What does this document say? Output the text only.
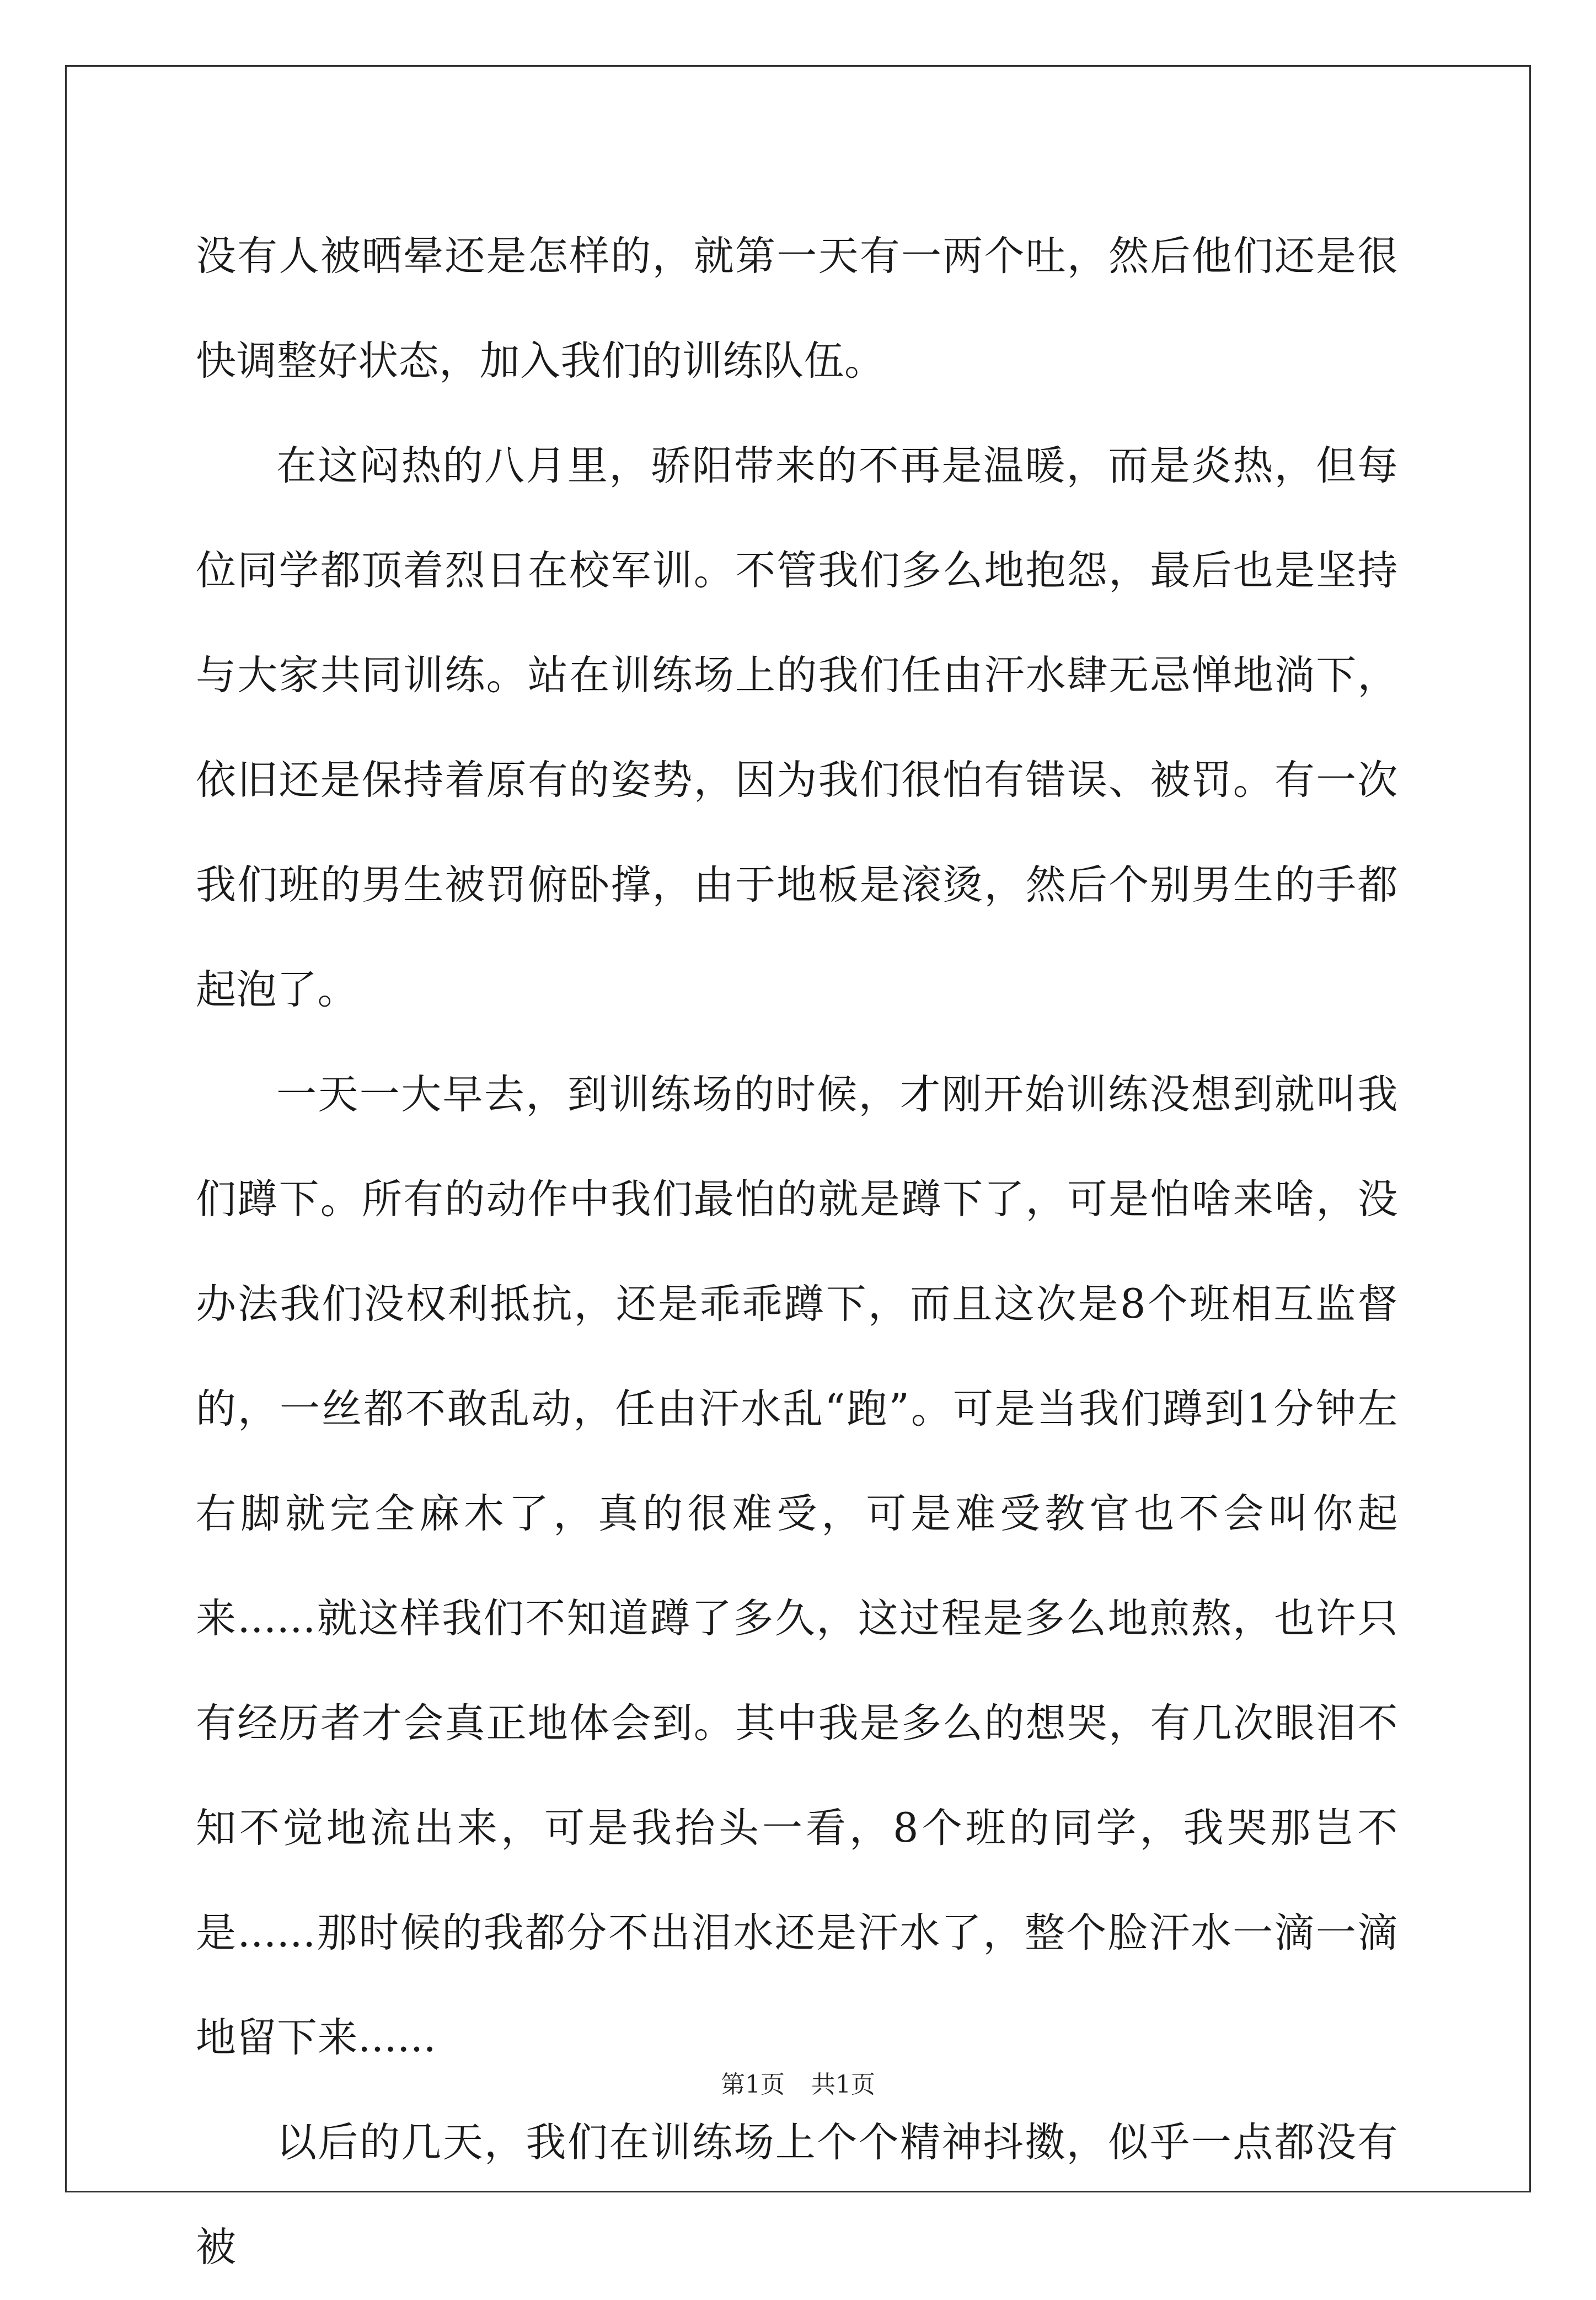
没有人被晒晕还是怎样的，就第一天有一两个吐，然后他们还是很快调整好状态，加入我们的训练队伍。

在这闷热的八月里，骄阳带来的不再是温暖，而是炎热，但每位同学都顶着烈日在校军训。不管我们多么地抱怨，最后也是坚持与大家共同训练。站在训练场上的我们任由汗水肆无忌惮地淌下，依旧还是保持着原有的姿势，因为我们很怕有错误、被罚。有一次我们班的男生被罚俯卧撑，由于地板是滚烫，然后个别男生的手都起泡了。

一天一大早去，到训练场的时候，才刚开始训练没想到就叫我们蹲下。所有的动作中我们最怕的就是蹲下了，可是怕啥来啥，没办法我们没权利抵抗，还是乖乖蹲下，而且这次是8个班相互监督的，一丝都不敢乱动，任由汗水乱“跑”。可是当我们蹲到1分钟左右脚就完全麻木了，真的很难受，可是难受教官也不会叫你起来......就这样我们不知道蹲了多久，这过程是多么地煎熬，也许只有经历者才会真正地体会到。其中我是多么的想哭，有几次眼泪不知不觉地流出来，可是我抬头一看，8个班的同学，我哭那岂不是......那时候的我都分不出泪水还是汗水了，整个脸汗水一滴一滴地留下来......

以后的几天，我们在训练场上个个精神抖擞，似乎一点都没有被

第1页 共1页
